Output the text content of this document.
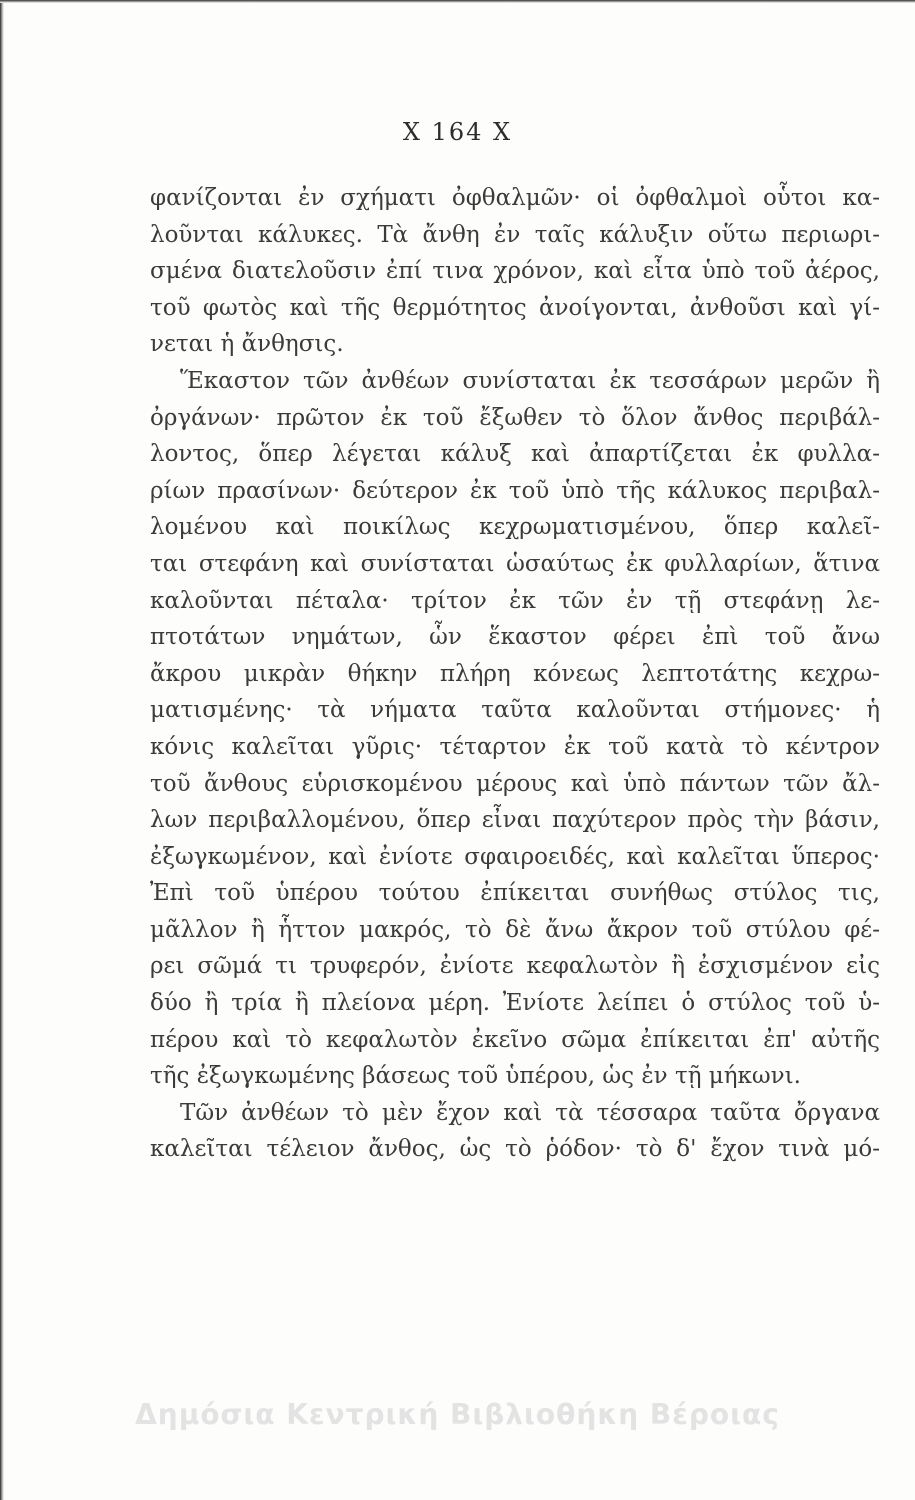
X 164 X
φανίζονται ἐν σχήματι ὀφθαλμῶν· οἱ ὀφθαλμοὶ οὗτοι κα-
λοῦνται κάλυκες. Τὰ ἄνθη ἐν ταῖς κάλυξιν οὕτω περιωρι-
σμένα διατελοῦσιν ἐπί τινα χρόνον, καὶ εἶτα ὑπὸ τοῦ ἀέρος,
τοῦ φωτὸς καὶ τῆς θερμότητος ἀνοίγονται, ἀνθοῦσι καὶ γί-
νεται ἡ ἄνθησις.
Ἕκαστον τῶν ἀνθέων συνίσταται ἐκ τεσσάρων μερῶν ἢ
ὀργάνων· πρῶτον ἐκ τοῦ ἔξωθεν τὸ ὅλον ἄνθος περιβάλ-
λοντος, ὅπερ λέγεται κάλυξ καὶ ἀπαρτίζεται ἐκ φυλλα-
ρίων πρασίνων· δεύτερον ἐκ τοῦ ὑπὸ τῆς κάλυκος περιβαλ-
λομένου καὶ ποικίλως κεχρωματισμένου, ὅπερ καλεῖ-
ται στεφάνη καὶ συνίσταται ὡσαύτως ἐκ φυλλαρίων, ἅτινα
καλοῦνται πέταλα· τρίτον ἐκ τῶν ἐν τῇ στεφάνῃ λε-
πτοτάτων νημάτων, ὧν ἕκαστον φέρει ἐπὶ τοῦ ἄνω
ἄκρου μικρὰν θήκην πλήρη κόνεως λεπτοτάτης κεχρω-
ματισμένης· τὰ νήματα ταῦτα καλοῦνται στήμονες· ἡ
κόνις καλεῖται γῦρις· τέταρτον ἐκ τοῦ κατὰ τὸ κέντρον
τοῦ ἄνθους εὑρισκομένου μέρους καὶ ὑπὸ πάντων τῶν ἄλ-
λων περιβαλλομένου, ὅπερ εἶναι παχύτερον πρὸς τὴν βάσιν,
ἐξωγκωμένον, καὶ ἐνίοτε σφαιροειδές, καὶ καλεῖται ὕπερος·
Ἐπὶ τοῦ ὑπέρου τούτου ἐπίκειται συνήθως στύλος τις,
μᾶλλον ἢ ἧττον μακρός, τὸ δὲ ἄνω ἄκρον τοῦ στύλου φέ-
ρει σῶμά τι τρυφερόν, ἐνίοτε κεφαλωτὸν ἢ ἐσχισμένον εἰς
δύο ἢ τρία ἢ πλείονα μέρη. Ἐνίοτε λείπει ὁ στύλος τοῦ ὑ-
πέρου καὶ τὸ κεφαλωτὸν ἐκεῖνο σῶμα ἐπίκειται ἐπ' αὐτῆς
τῆς ἐξωγκωμένης βάσεως τοῦ ὑπέρου, ὡς ἐν τῇ μήκωνι.
Τῶν ἀνθέων τὸ μὲν ἔχον καὶ τὰ τέσσαρα ταῦτα ὄργανα
καλεῖται τέλειον ἄνθος, ὡς τὸ ῥόδον· τὸ δ' ἔχον τινὰ μό-
Δημόσια Κεντρική Βιβλιοθήκη Βέροιας
